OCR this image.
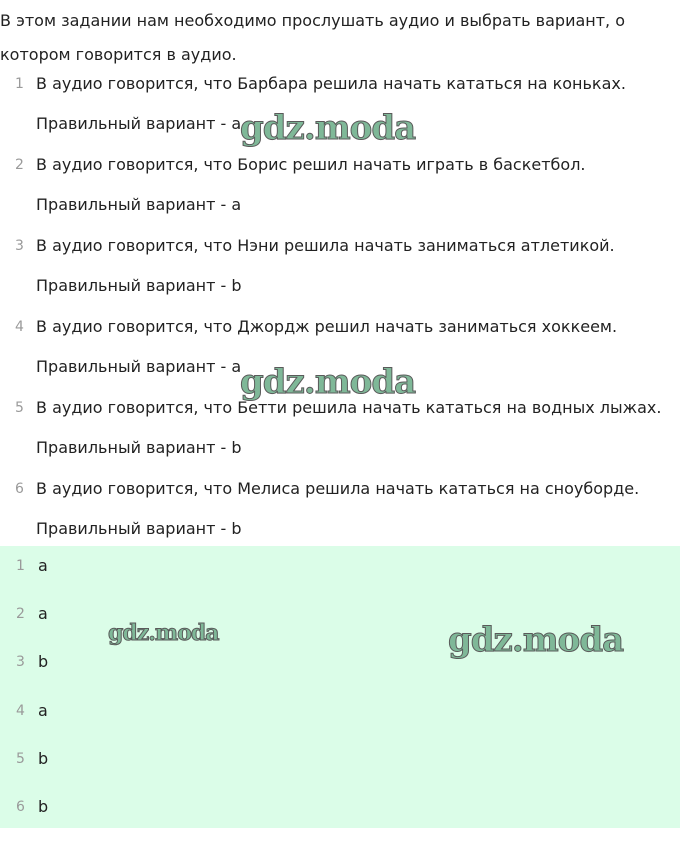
В этом задании нам необходимо прослушать аудио и выбрать вариант, о котором говорится в аудио.
1 В аудио говорится, что Барбара решила начать кататься на коньках.
Правильный вариант - a
2 В аудио говорится, что Борис решил начать играть в баскетбол.
Правильный вариант - a
3 В аудио говорится, что Нэни решила начать заниматься атлетикой.
Правильный вариант - b
4 В аудио говорится, что Джордж решил начать заниматься хоккеем.
Правильный вариант - a
5 В аудио говорится, что Бетти решила начать кататься на водных лыжах.
Правильный вариант - b
6 В аудио говорится, что Мелиса решила начать кататься на сноуборде.
Правильный вариант - b
1 a
2 a
3 b
4 a
5 b
6 b
gdz.moda
gdz.moda
gdz.moda	gdz.moda
